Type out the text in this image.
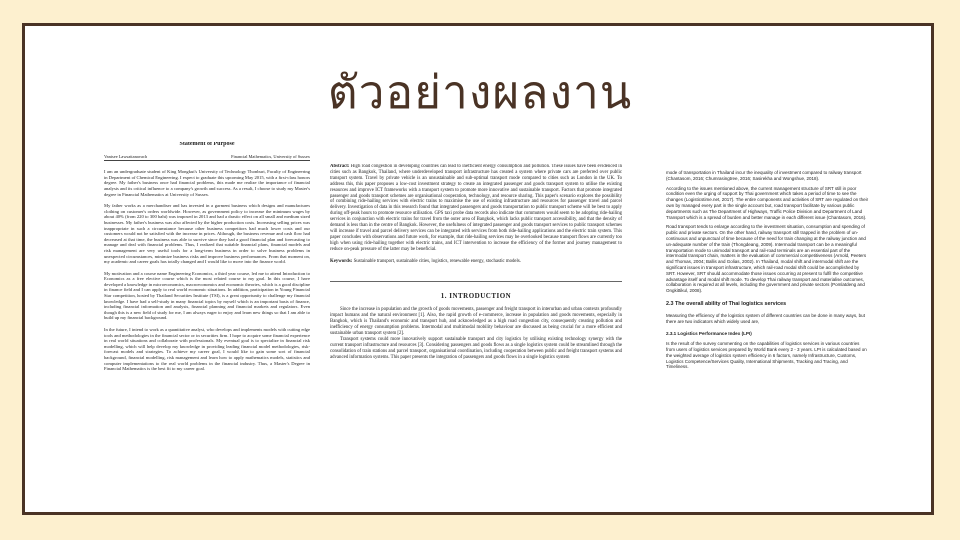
ตัวอย่างผลงาน
Statement of Purpose
Vanisee Lawsattanavach	Financial Mathematics, University of Sussex

I am an undergraduate student of King Mongkut's University of Technology Thonburi, Faculty of Engineering in Department of Chemical Engineering. I expect to graduate this upcoming May 2015, with a first-class honors degree. My father's business once had financial problems, this made me realize the importance of financial analysis and its critical influence to a company's growth and success. As a result, I choose to study my Master's degree in Financial Mathematics at University of Sussex.

My father works as a merchandiser and has invested in a garment business which designs and manufactures clothing on customer's orders worldwide. However, as government policy to increase the minimum wages by about 40% (from 220 to 300 baht) was imposed in 2013 and had a drastic effect on all small and medium sized businesses. My father's business was also affected by the higher production costs. Increasing selling prices was inappropriate in such a circumstance because other business competitors had much lower costs and our customers would not be satisfied with the increase in prices. Although, the business revenue and cash flow had decreased at that time, the business was able to survive since they had a good financial plan and forecasting to manage and deal with financial problems. Thus, I realized that suitable financial plans, financial models and risk management are very useful tools for a long-term business in order to solve business problems in unexpected circumstances, minimize business risks and improve business performances. From that moment on, my academic and career goals has totally changed and I would like to move into the finance world.

My motivation and a course name Engineering Economics, a third year course, led me to attend Introduction to Economics as a free elective course which is the most related course to my goal. In this course, I have developed a knowledge in microeconomics, macroeconomics and economic theories, which is a good discipline in finance field and I can apply to real world economic situations. In addition, participation in Young Financial Star competition, hosted by Thailand Securities Institute (TSI), is a great opportunity to challenge my financial knowledge. I have had a self-study in many financial topics by myself which is an important basis of finance, including financial information and analysis, financial planning and financial markets and regulators. Even though this is a new field of study for me, I am always eager to enjoy and learn new things so that I am able to build up my financial background.

In the future, I intend to work as a quantitative analyst, who develops and implements models with cutting edge tools and methodologies in the financial sector or in securities firm. I hope to acquire some financial experience in real world situations and collaborate with professionals. My eventual goal is to specialize in financial risk modelling, which will help develop my knowledge in providing leading financial model methodologies, risk-forecast models and strategies. To achieve my career goal, I would like to gain some sort of financial background, financial modelling, risk management and learn how to apply mathematics models, statistics and computer implementations to the real world problems in the financial industry. Thus, a Master's Degree in Financial Mathematics is the best fit to my career goal.

Abstract: High road congestion in developing countries can lead to inefficient energy consumption and pollution. These issues have been evidenced in cities such as Bangkok, Thailand, where underdeveloped transport infrastructure has created a system where private cars are preferred over public transport system. Travel by private vehicle is an unsustainable and sub-optimal transport mode compared to cities such as London in the UK. To address this, this paper proposes a low-cost investment strategy to create an integrated passenger and goods transport system to utilise the existing resources and improve ICT frameworks with a transport system to promote more innovative and sustainable transport. Factors that promote integrated passenger and goods transport schemes are organisational cooperation, technology, and resource sharing. This paper's scenario explores the possibility of combining ride-hailing services with electric trains to maximise the use of existing infrastructure and resources for passenger travel and parcel delivery. Investigation of data in this research found that integrated passengers and goods transportation to public transport scheme will be best to apply during off-peak hours to promote resource utilisation. GPS taxi probe data records also indicate that commuters would seem to be adopting ride-hailing services in conjunction with electric trains for travel from the outer area of Bangkok, which lacks public transport accessibility, and that the density of demand is less than in the centre of Bangkok. However, the usefulness of integrated passenger and goods transport services to public transport schemes will increase if travel and parcel delivery services can be integrated with services from both ride-hailing applications and the electric train system. This paper concludes with observations and future work, for example, that ride-hailing services may be overlooked because transport flows are currently too high when using ride-hailing together with electric trains, and ICT intervention to increase the efficiency of the former and journey management to reduce on-peak pressure of the latter may be beneficial.

Keywords: Sustainable transport, sustainable cities, logistics, renewable energy, stochastic models.

1. INTRODUCTION

Since the increase in population and the growth of goods movements, passenger and freight transport in interurban and urban contexts profoundly impact humans and the natural environment [1]. Also, the rapid growth of e-commerce, increase in population and goods movements, especially in Bangkok, which is Thailand's economic and transport hub, and acknowledged as a high road congestion city, consequently creating pollution and inefficiency of energy consumption problems. Intermodal and multimodal mobility behaviour are discussed as being crucial for a more efficient and sustainable urban transport system [2].

Transport systems could more innovatively support sustainable transport and city logistics by utilising existing technology synergy with the current transport infrastructure and resources [3]. Considering passengers and goods flows as a single logistics system could be streamlined through the consolidation of train stations and parcel transport, organisational coordination, including cooperation between public and freight transport systems and advanced information systems. This paper presents the integration of passengers and goods flows in a single logistics system

mode of transportation in Thailand incur the inequality of investment compared to railway transport (Chantasom, 2016; Chumrasingtree, 2016; Sasirekha and Wongshue, 2018).

According to the issues mentioned above, the current management structure of SRT still in poor condition even the urging of support by Thai government which takes a period of time to see the changes (Logisticstime.net, 2017). The entire components and activities of SRT are regulated on their own by managed every part in the single account but, road transport facilitate by various public departments such as The Department of Highways, Traffic Police Division and Department of Land Transport which is a spread of burden and better manage in each different issue (Chantasom, 2016).

Road transport tends to enlarge according to the investment situation, consumption and spending of public and private sectors. On the other hand, railway transport still trapped in the problem of un-continuous and unpunctual of time because of the need for train changing at the railway junction and un-adequate number of the train (Thongdeang, 2009). Intermodal transport can be a meaningful transportation mode to unimodal transport and rail-road terminals are an essential part of the intermodal transport chain, matters in the evaluation of commercial competitiveness (Arnold, Peeters and Thomas, 2004; Ballis and Golias, 2002). In Thailand, modal shift and intermodal shift are the significant issues in transport infrastructure, which rail-road modal shift could be accomplished by SRT. However, SRT should accommodate those issues occurring at present to fulfil the competitive advantage itself and modal shift mode. To develop Thai railway transport and materialise outcomes, collaboration is required at all levels, including the government and private sectors (Pomlatdeng and Ongkittikul, 2008).

2.3 The overall ability of Thai logistics services

Measuring the efficiency of the logistics system of different countries can be done in many ways, but there are two indicators which widely used are,

2.3.1 Logistics Performance Index (LPI)

Is the result of the survey commenting on the capabilities of logistics services in various countries from users of logistics services prepared by World Bank every 2 - 3 years. LPI is calculated based on the weighted average of logistics system efficiency in 6 factors, namely Infrastructure, Customs, Logistics Competence/Services Quality, International Shipments, Tracking and Tracing, and Timeliness.
